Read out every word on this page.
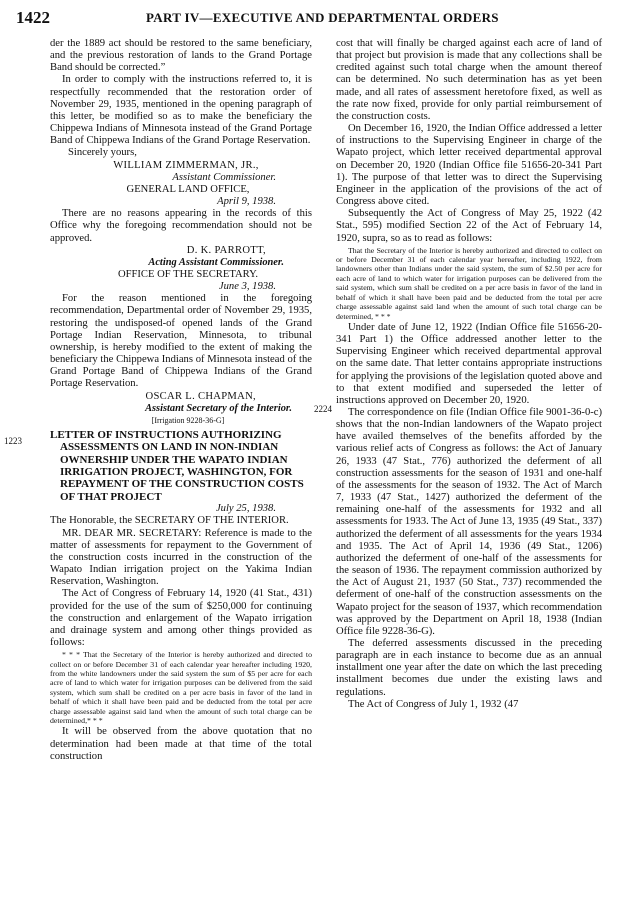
1422	PART IV—EXECUTIVE AND DEPARTMENTAL ORDERS
1223
2224

der the 1889 act should be restored to the same beneficiary, and the previous restoration of lands to the Grand Portage Band should be corrected.”

In order to comply with the instructions referred to, it is respectfully recommended that the restoration order of November 29, 1935, mentioned in the opening paragraph of this letter, be modified so as to make the beneficiary the Chippewa Indians of Minnesota instead of the Grand Portage Band of Chippewa Indians of the Grand Portage Reservation.

Sincerely yours,

WILLIAM ZIMMERMAN, JR.,

Assistant Commissioner.

GENERAL LAND OFFICE,

April 9, 1938.

There are no reasons appearing in the records of this Office why the foregoing recommendation should not be approved.

D. K. PARROTT,

Acting Assistant Commissioner.

OFFICE OF THE SECRETARY.

June 3, 1938.

For the reason mentioned in the foregoing recommendation, Departmental order of November 29, 1935, restoring the undisposed-of opened lands of the Grand Portage Indian Reservation, Minnesota, to tribunal ownership, is hereby modified to the extent of making the beneficiary the Chippewa Indians of Minnesota instead of the Grand Portage Band of Chippewa Indians of the Grand Portage Reservation.

OSCAR L. CHAPMAN,

Assistant Secretary of the Interior.

[Irrigation 9228-36-G]

LETTER OF INSTRUCTIONS AUTHORIZING ASSESSMENTS ON LAND IN NON-INDIAN OWNERSHIP UNDER THE WAPATO INDIAN IRRIGATION PROJECT, WASHINGTON, FOR REPAYMENT OF THE CONSTRUCTION COSTS OF THAT PROJECT

July 25, 1938.

The Honorable, the SECRETARY OF THE INTERIOR.

MR. DEAR MR. SECRETARY: Reference is made to the matter of assessments for repayment to the Government of the construction costs incurred in the construction of the Wapato Indian irrigation project on the Yakima Indian Reservation, Washington.

The Act of Congress of February 14, 1920 (41 Stat., 431) provided for the use of the sum of $250,000 for continuing the construction and enlargement of the Wapato irrigation and drainage system and among other things provided as follows:

* * * That the Secretary of the Interior is hereby authorized and directed to collect on or before December 31 of each calendar year hereafter including 1920, from the white landowners under the said system the sum of $5 per acre for each acre of land to which water for irrigation purposes can be delivered from the said system, which sum shall be credited on a per acre basis in favor of the land in behalf of which it shall have been paid and be deducted from the total per acre charge assessable against said land when the amount of such total charge can be determined,* * *

It will be observed from the above quotation that no determination had been made at that time of the total construction

cost that will finally be charged against each acre of land of that project but provision is made that any collections shall be credited against such total charge when the amount thereof can be determined. No such determination has as yet been made, and all rates of assessment heretofore fixed, as well as the rate now fixed, provide for only partial reimbursement of the construction costs.

On December 16, 1920, the Indian Office addressed a letter of instructions to the Supervising Engineer in charge of the Wapato project, which letter received departmental approval on December 20, 1920 (Indian Office file 51656-20-341 Part 1). The purpose of that letter was to direct the Supervising Engineer in the application of the provisions of the act of Congress above cited.

Subsequently the Act of Congress of May 25, 1922 (42 Stat., 595) modified Section 22 of the Act of February 14, 1920, supra, so as to read as follows:

That the Secretary of the Interior is hereby authorized and directed to collect on or before December 31 of each calendar year hereafter, including 1922, from landowners other than Indians under the said system, the sum of $2.50 per acre for each acre of land to which water for irrigation purposes can be delivered from the said system, which sum shall be credited on a per acre basis in favor of the land in behalf of which it shall have been paid and be deducted from the total per acre charge assessable against said land when the amount of such total charge can be determined, * * *

Under date of June 12, 1922 (Indian Office file 51656-20-341 Part 1) the Office addressed another letter to the Supervising Engineer which received departmental approval on the same date. That letter contains appropriate instructions for applying the provisions of the legislation quoted above and to that extent modified and superseded the letter of instructions approved on December 20, 1920.

The correspondence on file (Indian Office file 9001-36-0-c) shows that the non-Indian landowners of the Wapato project have availed themselves of the benefits afforded by the various relief acts of Congress as follows: the Act of January 26, 1933 (47 Stat., 776) authorized the deferment of all construction assessments for the season of 1931 and one-half of the assessments for the season of 1932. The Act of March 7, 1933 (47 Stat., 1427) authorized the deferment of the remaining one-half of the assessments for 1932 and all assessments for 1933. The Act of June 13, 1935 (49 Stat., 337) authorized the deferment of all assessments for the years 1934 and 1935. The Act of April 14, 1936 (49 Stat., 1206) authorized the deferment of one-half of the assessments for the season of 1936. The repayment commission authorized by the Act of August 21, 1937 (50 Stat., 737) recommended the deferment of one-half of the construction assessments on the Wapato project for the season of 1937, which recommendation was approved by the Department on April 18, 1938 (Indian Office file 9228-36-G).

The deferred assessments discussed in the preceding paragraph are in each instance to become due as an annual installment one year after the date on which the last preceding installment becomes due under the existing laws and regulations.

The Act of Congress of July 1, 1932 (47
